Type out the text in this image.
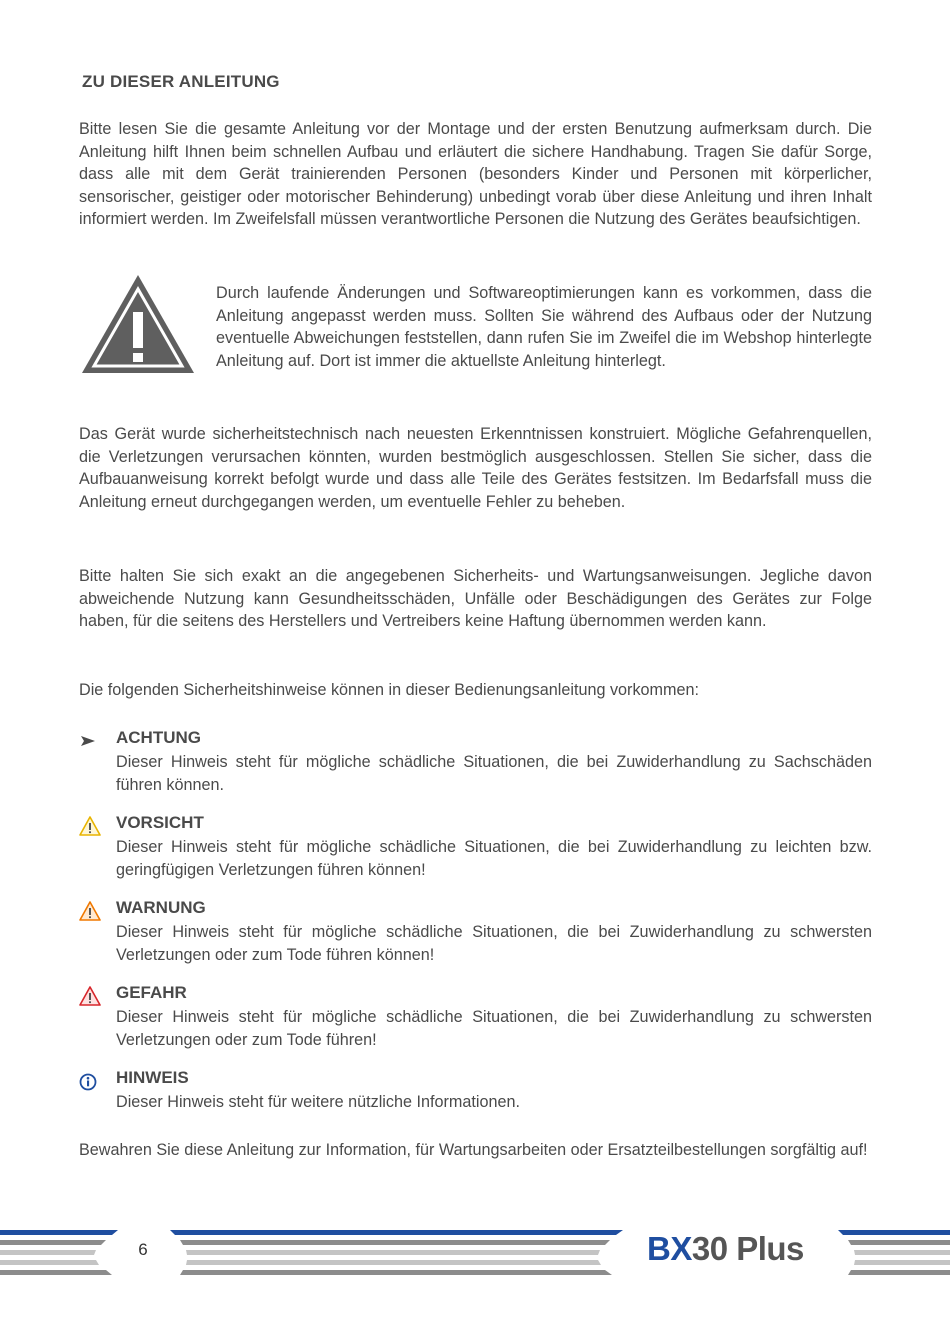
ZU DIESER ANLEITUNG

Bitte lesen Sie die gesamte Anleitung vor der Montage und der ersten Benutzung aufmerksam durch. Die Anleitung hilft Ihnen beim schnellen Aufbau und erläutert die sichere Handhabung. Tragen Sie dafür Sorge, dass alle mit dem Gerät trainierenden Personen (besonders Kinder und Personen mit körperlicher, sensorischer, geistiger oder motorischer Behinderung) unbedingt vorab über diese Anleitung und ihren Inhalt informiert werden. Im Zweifelsfall müssen verantwortliche Personen die Nutzung des Gerätes beaufsichtigen.

Durch laufende Änderungen und Softwareoptimierungen kann es vorkommen, dass die Anleitung angepasst werden muss. Sollten Sie während des Aufbaus oder der Nutzung eventuelle Abweichungen feststellen, dann rufen Sie im Zweifel die im Webshop hinterlegte Anleitung auf. Dort ist immer die aktuellste Anleitung hinterlegt.

Das Gerät wurde sicherheitstechnisch nach neuesten Erkenntnissen konstruiert. Mögliche Gefahrenquellen, die Verletzungen verursachen könnten, wurden bestmöglich ausgeschlossen. Stellen Sie sicher, dass die Aufbauanweisung korrekt befolgt wurde und dass alle Teile des Gerätes festsitzen. Im Bedarfsfall muss die Anleitung erneut durchgegangen werden, um eventuelle Fehler zu beheben.

Bitte halten Sie sich exakt an die angegebenen Sicherheits- und Wartungsanweisungen. Jegliche davon abweichende Nutzung kann Gesundheitsschäden, Unfälle oder Beschädigungen des Gerätes zur Folge haben, für die seitens des Herstellers und Vertreibers keine Haftung übernommen werden kann.

Die folgenden Sicherheitshinweise können in dieser Bedienungsanleitung vorkommen:

ACHTUNG

Dieser Hinweis steht für mögliche schädliche Situationen, die bei Zuwiderhandlung zu Sachschäden führen können.

VORSICHT

Dieser Hinweis steht für mögliche schädliche Situationen, die bei Zuwiderhandlung zu leichten bzw. geringfügigen Verletzungen führen können!

WARNUNG

Dieser Hinweis steht für mögliche schädliche Situationen, die bei Zuwiderhandlung zu schwersten Verletzungen oder zum Tode führen können!

GEFAHR

Dieser Hinweis steht für mögliche schädliche Situationen, die bei Zuwiderhandlung zu schwersten Verletzungen oder zum Tode führen!

HINWEIS

Dieser Hinweis steht für weitere nützliche Informationen.

Bewahren Sie diese Anleitung zur Information, für Wartungsarbeiten oder Ersatzteilbestellungen sorgfältig auf!

6	BX30 Plus
